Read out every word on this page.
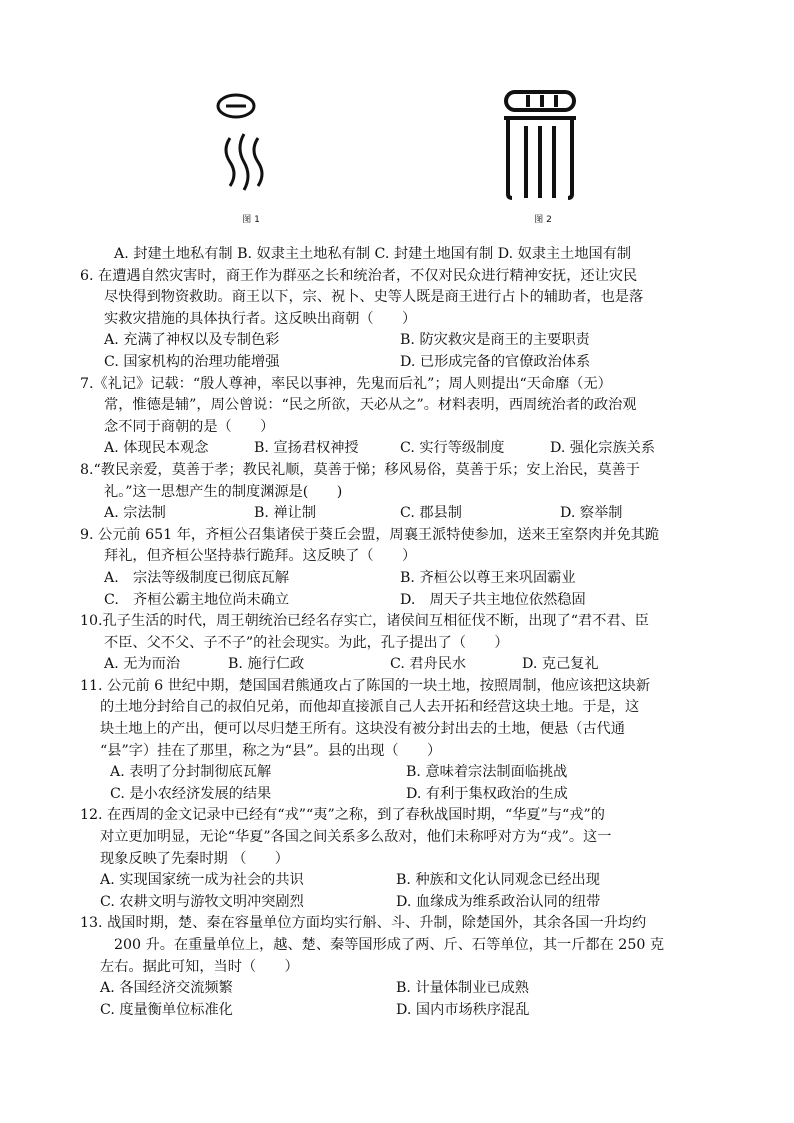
图 1	图 2
A. 封建土地私有制 B. 奴隶主土地私有制 C. 封建土地国有制 D. 奴隶主土地国有制
6. 在遭遇自然灾害时，商王作为群巫之长和统治者，不仅对民众进行精神安抚，还让灾民
尽快得到物资救助。商王以下，宗、祝卜、史等人既是商王进行占卜的辅助者，也是落
实救灾措施的具体执行者。这反映出商朝（　　）
A. 充满了神权以及专制色彩	B. 防灾救灾是商王的主要职责
C. 国家机构的治理功能增强	D. 已形成完备的官僚政治体系
7.《礼记》记载：“殷人尊神，率民以事神，先鬼而后礼”；周人则提出“天命靡（无）
常，惟德是辅”，周公曾说：“民之所欲，天必从之”。材料表明，西周统治者的政治观
念不同于商朝的是（　　）
A. 体现民本观念	B. 宣扬君权神授	C. 实行等级制度	D. 强化宗族关系
8.“教民亲爱，莫善于孝；教民礼顺，莫善于悌；移风易俗，莫善于乐；安上治民，莫善于
礼。”这一思想产生的制度渊源是(　　)
A. 宗法制	B. 禅让制	C. 郡县制	D. 察举制
9. 公元前 651 年，齐桓公召集诸侯于葵丘会盟，周襄王派特使参加，送来王室祭肉并免其跪
拜礼，但齐桓公坚持恭行跪拜。这反映了（　　）
A.　宗法等级制度已彻底瓦解	B. 齐桓公以尊王来巩固霸业
C.　齐桓公霸主地位尚未确立	D.　周天子共主地位依然稳固
10.孔子生活的时代，周王朝统治已经名存实亡，诸侯间互相征伐不断，出现了“君不君、臣
不臣、父不父、子不子”的社会现实。为此，孔子提出了（　　）
A. 无为而治	B. 施行仁政	C. 君舟民水	D. 克己复礼
11. 公元前 6 世纪中期，楚国国君熊通攻占了陈国的一块土地，按照周制，他应该把这块新
的土地分封给自己的叔伯兄弟，而他却直接派自己人去开拓和经营这块土地。于是，这
块土地上的产出，便可以尽归楚王所有。这块没有被分封出去的土地，便悬（古代通
“县”字）挂在了那里，称之为“县”。县的出现（　　）
A. 表明了分封制彻底瓦解	B. 意味着宗法制面临挑战
C. 是小农经济发展的结果	D. 有利于集权政治的生成
12. 在西周的金文记录中已经有“戎”“夷”之称，到了春秋战国时期，“华夏”与“戎”的
对立更加明显，无论“华夏”各国之间关系多么敌对，他们未称呼对方为“戎”。这一
现象反映了先秦时期 （　　）
A. 实现国家统一成为社会的共识	B. 种族和文化认同观念已经出现
C. 农耕文明与游牧文明冲突剧烈	D. 血缘成为维系政治认同的纽带
13. 战国时期，楚、秦在容量单位方面均实行斛、斗、升制，除楚国外，其余各国一升均约
200 升。在重量单位上，越、楚、秦等国形成了两、斤、石等单位，其一斤都在 250 克
左右。据此可知，当时（　　）
A. 各国经济交流频繁	B. 计量体制业已成熟
C. 度量衡单位标准化	D. 国内市场秩序混乱
